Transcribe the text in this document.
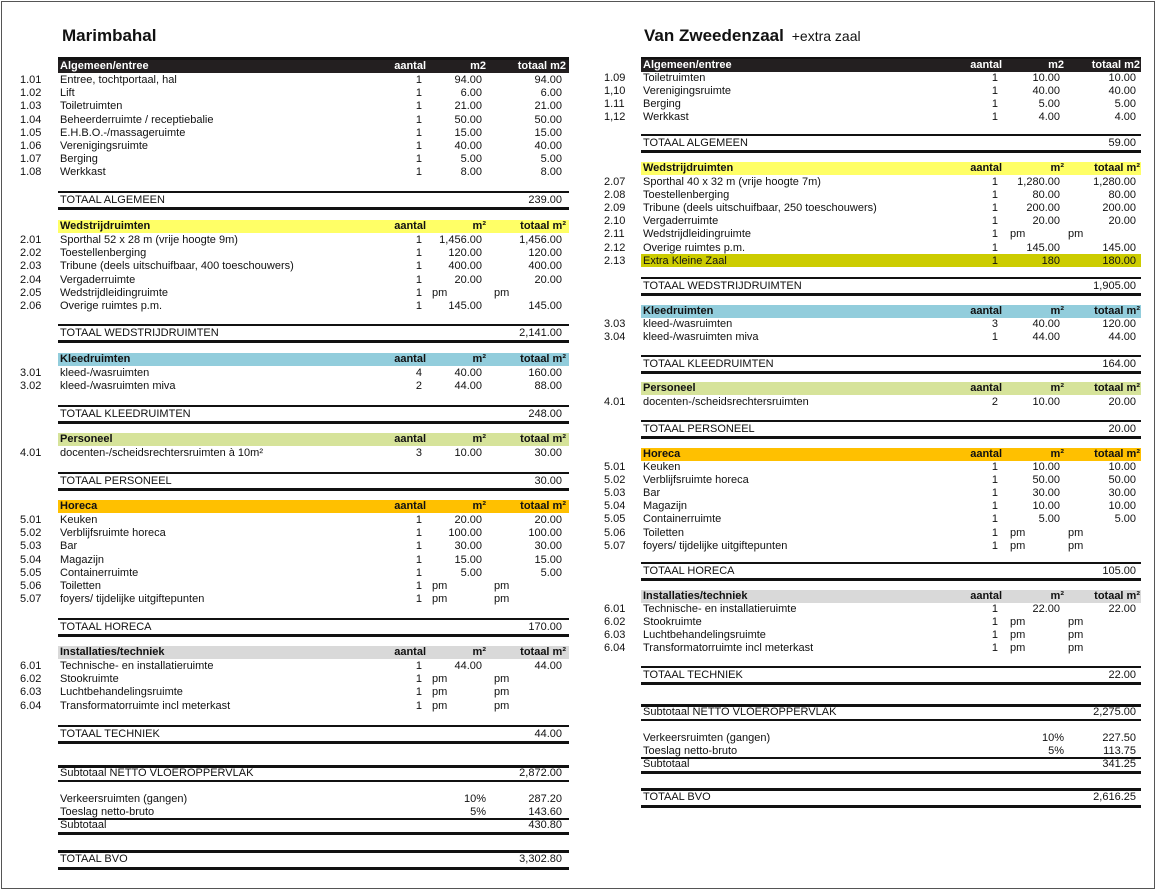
Marimbahal	Van Zweedenzaal +extra zaal
Algemeen/entree	aantal	m2	totaal m2
1.01 Entree, tochtportaal, hal	1	94.00	94.00
1.02 Lift	1	6.00	6.00
1.03 Toiletruimten	1	21.00	21.00
1.04 Beheerderruimte / receptiebalie	1	50.00	50.00
1.05 E.H.B.O.-/massageruimte	1	15.00	15.00
1.06 Verenigingsruimte	1	40.00	40.00
1.07 Berging	1	5.00	5.00
1.08 Werkkast	1	8.00	8.00
TOTAAL ALGEMEEN	239.00
Wedstrijdruimten	aantal	m²	totaal m²
2.01 Sporthal 52 x 28 m (vrije hoogte 9m)	1 1,456.00	1,456.00
2.02 Toestellenberging	1 120.00	120.00
2.03 Tribune (deels uitschuifbaar, 400 toeschouwers)	1 400.00	400.00
2.04 Vergaderruimte	1	20.00	20.00
2.05 Wedstrijdleidingruimte	1 pm	pm
2.06 Overige ruimtes p.m.	1 145.00	145.00
TOTAAL WEDSTRIJDRUIMTEN	2,141.00
Kleedruimten	aantal	m²	totaal m²
3.01 kleed-/wasruimten	4	40.00	160.00
3.02 kleed-/wasruimten miva	2	44.00	88.00
TOTAAL KLEEDRUIMTEN	248.00
Personeel	aantal	m²	totaal m²
4.01 docenten-/scheidsrechtersruimten à 10m²	3	10.00	30.00
TOTAAL PERSONEEL	30.00
Horeca	aantal	m²	totaal m²
5.01 Keuken	1	20.00	20.00
5.02 Verblijfsruimte horeca	1 100.00	100.00
5.03 Bar	1	30.00	30.00
5.04 Magazijn	1	15.00	15.00
5.05 Containerruimte	1	5.00	5.00
5.06 Toiletten	1 pm	pm
5.07 foyers/ tijdelijke uitgiftepunten	1 pm	pm
TOTAAL HORECA	170.00
Installaties/techniek	aantal	m²	totaal m²
6.01 Technische- en installatieruimte	1	44.00	44.00
6.02 Stookruimte	1 pm	pm
6.03 Luchtbehandelingsruimte	1 pm	pm
6.04 Transformatorruimte incl meterkast	1 pm	pm
TOTAAL TECHNIEK	44.00
Subtotaal NETTO VLOEROPPERVLAK	2,872.00
Verkeersruimten (gangen)	10%	287.20
Toeslag netto-bruto	5%	143.60
Subtotaal	430.80
TOTAAL BVO	3,302.80
Algemeen/entree	aantal	m2	totaal m2
1.09 Toiletruimten	1	10.00	10.00
1,10 Verenigingsruimte	1	40.00	40.00
1.11 Berging	1	5.00	5.00
1,12 Werkkast	1	4.00	4.00
TOTAAL ALGEMEEN	59.00
Wedstrijdruimten	aantal	m²	totaal m²
2.07 Sporthal 40 x 32 m (vrije hoogte 7m)	1 1,280.00	1,280.00
2.08 Toestellenberging	1	80.00	80.00
2.09 Tribune (deels uitschuifbaar, 250 toeschouwers)	1	200.00	200.00
2.10 Vergaderruimte	1	20.00	20.00
2.11 Wedstrijdleidingruimte	1 pm	pm
2.12 Overige ruimtes p.m.	1	145.00	145.00
2.13 Extra Kleine Zaal	1	180	180.00
TOTAAL WEDSTRIJDRUIMTEN	1,905.00
Kleedruimten	aantal	m²	totaal m²
3.03 kleed-/wasruimten	3	40.00	120.00
3.04 kleed-/wasruimten miva	1	44.00	44.00
TOTAAL KLEEDRUIMTEN	164.00
Personeel	aantal	m²	totaal m²
4.01 docenten-/scheidsrechtersruimten	2	10.00	20.00
TOTAAL PERSONEEL	20.00
Horeca	aantal	m²	totaal m²
5.01 Keuken	1	10.00	10.00
5.02 Verblijfsruimte horeca	1	50.00	50.00
5.03 Bar	1	30.00	30.00
5.04 Magazijn	1	10.00	10.00
5.05 Containerruimte	1	5.00	5.00
5.06 Toiletten	1 pm	pm
5.07 foyers/ tijdelijke uitgiftepunten	1 pm	pm
TOTAAL HORECA	105.00
Installaties/techniek	aantal	m²	totaal m²
6.01 Technische- en installatieruimte	1	22.00	22.00
6.02 Stookruimte	1 pm	pm
6.03 Luchtbehandelingsruimte	1 pm	pm
6.04 Transformatorruimte incl meterkast	1 pm	pm
TOTAAL TECHNIEK	22.00
Subtotaal NETTO VLOEROPPERVLAK	2,275.00
Verkeersruimten (gangen)	10%	227.50
Toeslag netto-bruto	5%	113.75
Subtotaal	341.25
TOTAAL BVO	2,616.25
